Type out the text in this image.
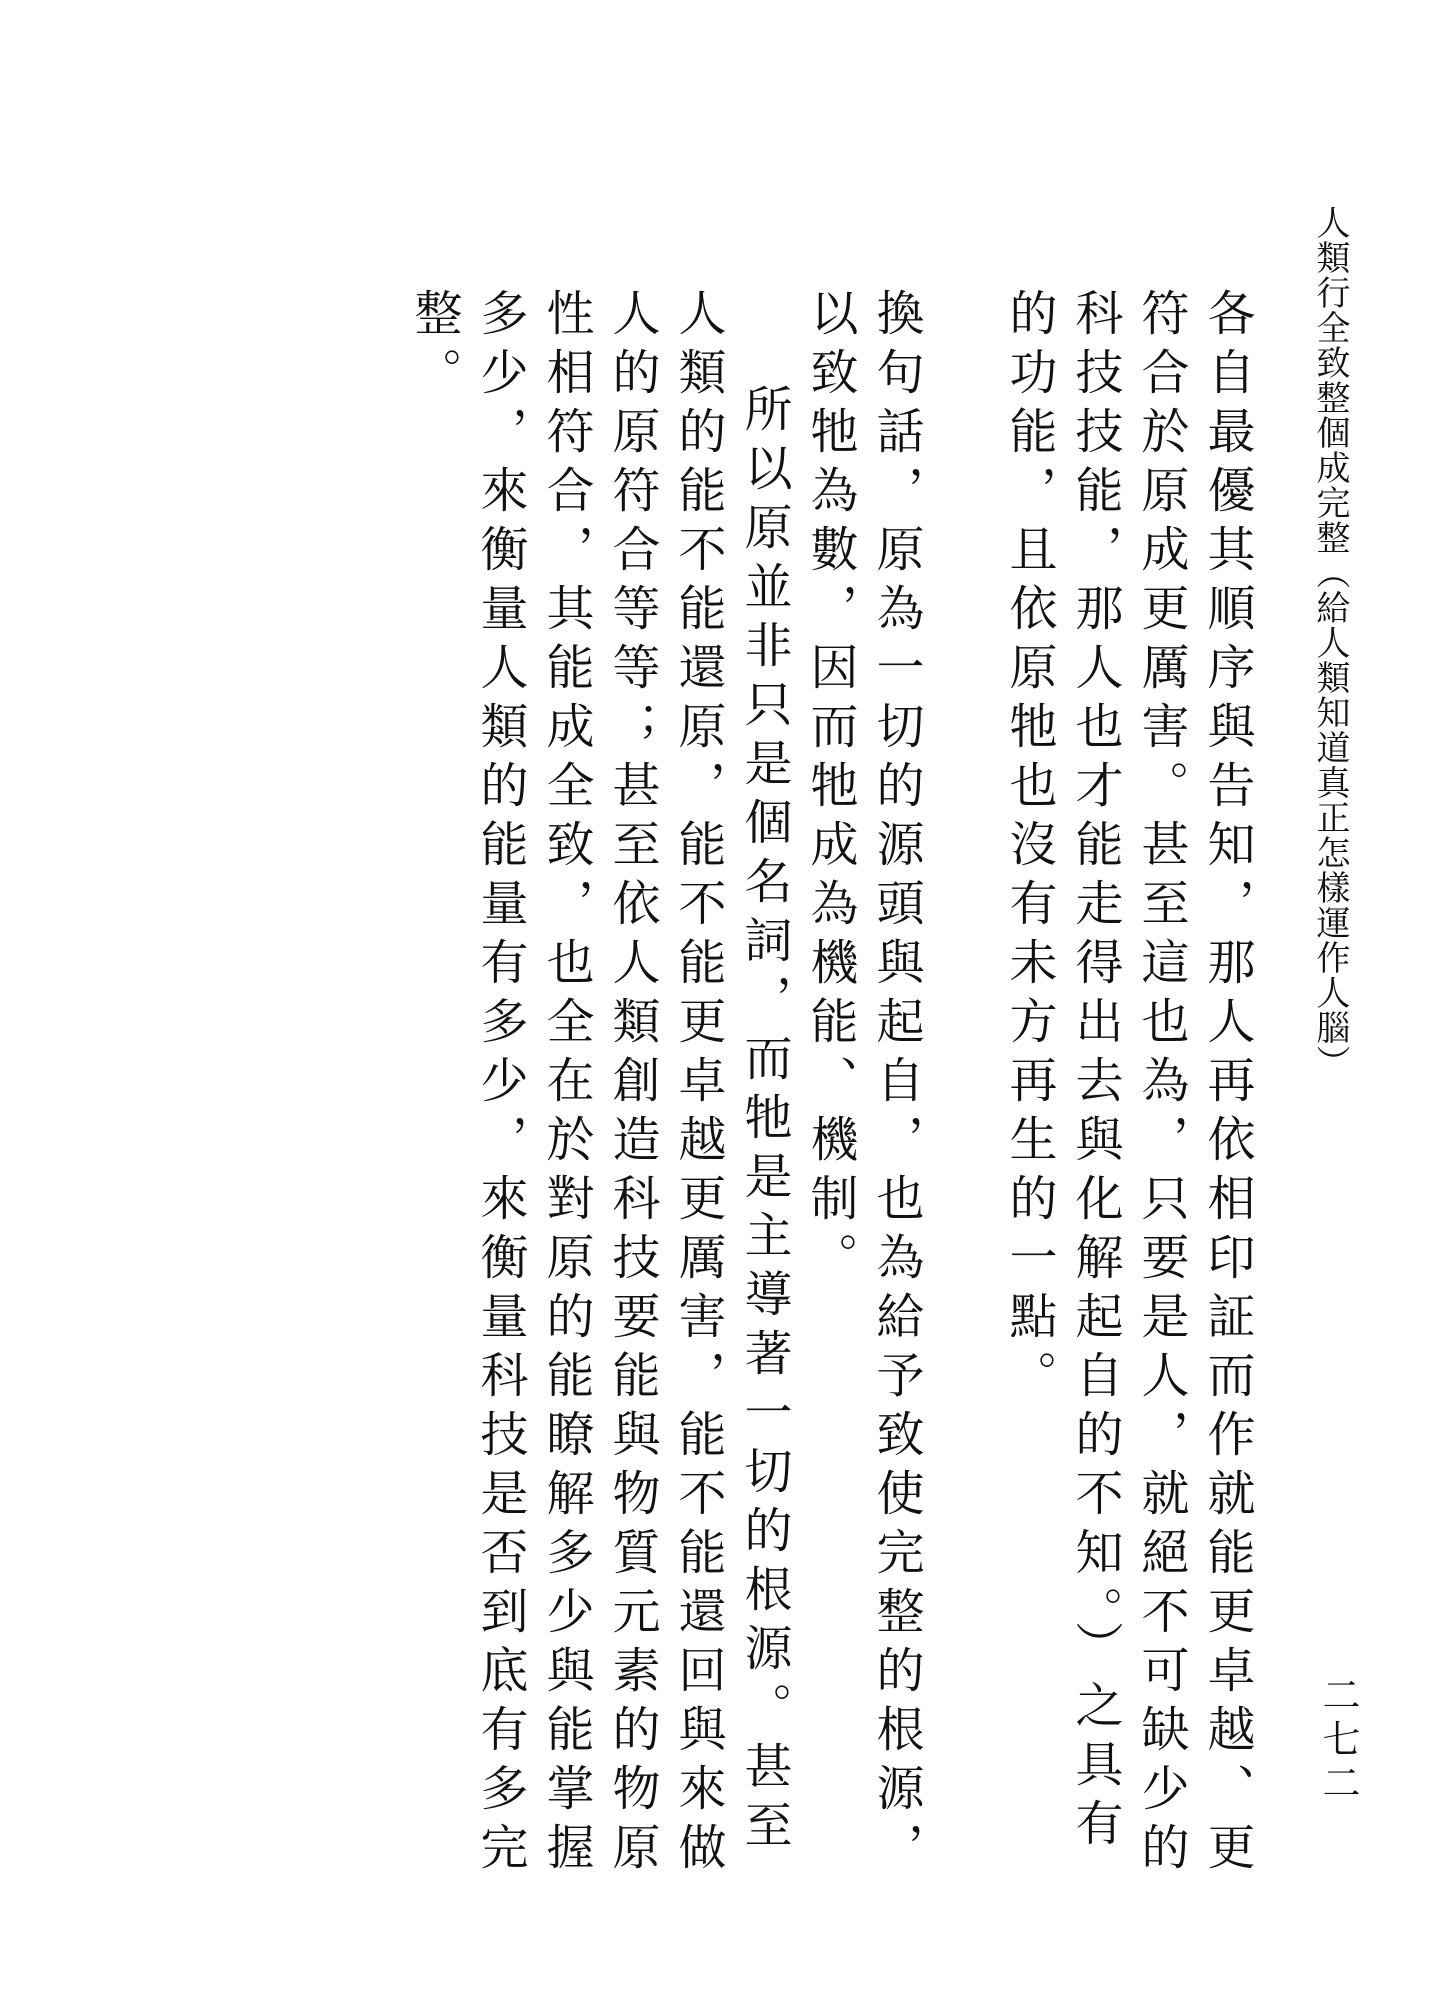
人類行全致整個成完整（給人類知道真正怎樣運作人腦）
二七二

各自最優其順序與告知，那人再依相印証而作就能更卓越、更符合於原成更厲害。甚至這也為，只要是人，就絕不可缺少的科技技能，那人也才能走得出去與化解起自的不知。）之具有的功能，且依原牠也沒有未方再生的一點。

換句話，原為一切的源頭與起自，也為給予致使完整的根源，以致牠為數，因而牠成為機能、機制。

所以原並非只是個名詞，而牠是主導著一切的根源。甚至人類的能不能還原，能不能更卓越更厲害，能不能還回與來做人的原符合等等；甚至依人類創造科技要能與物質元素的物原性相符合，其能成全致，也全在於對原的能瞭解多少與能掌握多少，來衡量人類的能量有多少，來衡量科技是否到底有多完整。
